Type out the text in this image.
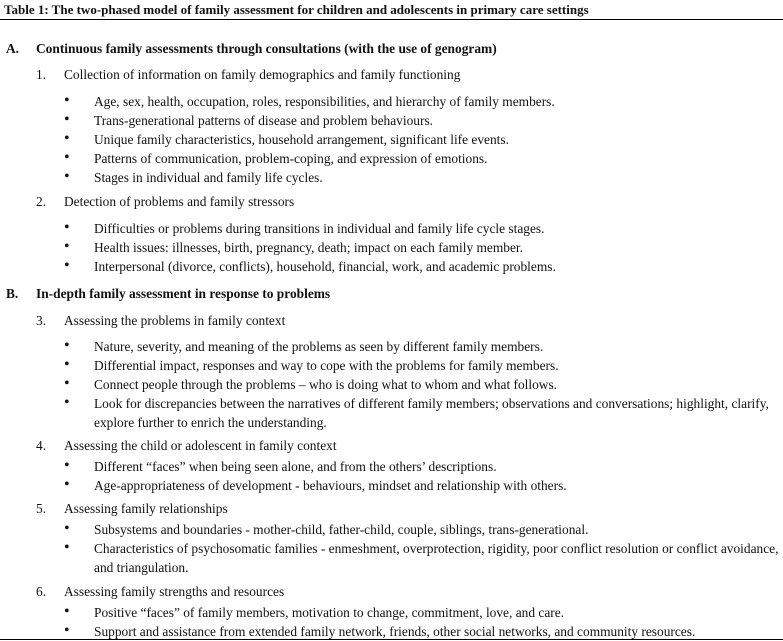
Table 1: The two-phased model of family assessment for children and adolescents in primary care settings
A. Continuous family assessments through consultations (with the use of genogram)
1. Collection of information on family demographics and family functioning
• Age, sex, health, occupation, roles, responsibilities, and hierarchy of family members.
• Trans-generational patterns of disease and problem behaviours.
• Unique family characteristics, household arrangement, significant life events.
• Patterns of communication, problem-coping, and expression of emotions.
• Stages in individual and family life cycles.
2. Detection of problems and family stressors
• Difficulties or problems during transitions in individual and family life cycle stages.
• Health issues: illnesses, birth, pregnancy, death; impact on each family member.
• Interpersonal (divorce, conflicts), household, financial, work, and academic problems.
B. In-depth family assessment in response to problems
3. Assessing the problems in family context
• Nature, severity, and meaning of the problems as seen by different family members.
• Differential impact, responses and way to cope with the problems for family members.
• Connect people through the problems – who is doing what to whom and what follows.
• Look for discrepancies between the narratives of different family members; observations and conversations; highlight, clarify, explore further to enrich the understanding.
4. Assessing the child or adolescent in family context
• Different “faces” when being seen alone, and from the others’ descriptions.
• Age-appropriateness of development - behaviours, mindset and relationship with others.
5. Assessing family relationships
• Subsystems and boundaries - mother-child, father-child, couple, siblings, trans-generational.
• Characteristics of psychosomatic families - enmeshment, overprotection, rigidity, poor conflict resolution or conflict avoidance, and triangulation.
6. Assessing family strengths and resources
• Positive “faces” of family members, motivation to change, commitment, love, and care.
• Support and assistance from extended family network, friends, other social networks, and community resources.
